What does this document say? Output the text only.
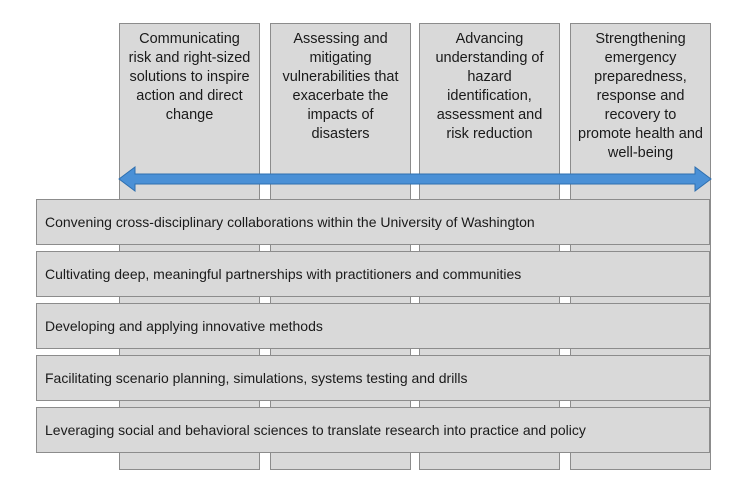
Communicating risk and right-sized solutions to inspire action and direct change
Assessing and mitigating vulnerabilities that exacerbate the impacts of disasters
Advancing understanding of hazard identification, assessment and risk reduction
Strengthening emergency preparedness, response and recovery to promote health and well-being
Convening cross-disciplinary collaborations within the University of Washington
Cultivating deep, meaningful partnerships with practitioners and communities
Developing and applying innovative methods
Facilitating scenario planning, simulations, systems testing and drills
Leveraging social and behavioral sciences to translate research into practice and policy
